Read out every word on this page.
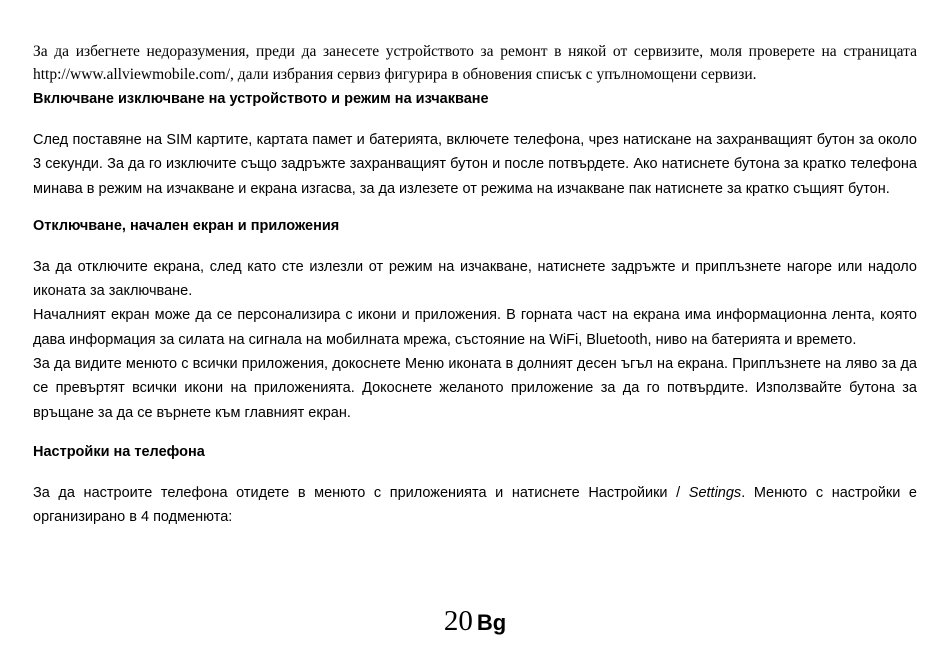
За да избегнете недоразумения, преди да занесете устройството за ремонт в някой от сервизите, моля проверете на страницата http://www.allviewmobile.com/, дали избрания сервиз фигурира в обновения списък с упълномощени сервизи.

Включване изключване на устройството и режим на изчакване

След поставяне на SIM картите, картата памет и батерията, включете телефона, чрез натискане на захранващият бутон за около 3 секунди. За да го изключите също задръжте захранващият бутон и после потвърдете. Ако натиснете бутона за кратко телефона минава в режим на изчакване и екрана изгасва, за да излезете от режима на изчакване пак натиснете за кратко същият бутон.

Отключване, начален екран и приложения

За да отключите екрана, след като сте излезли от режим на изчакване, натиснете задръжте и приплъзнете нагоре или надоло иконата за заключване.

Началният екран може да се персонализира с икони и приложения. В горната част на екрана има информационна лента, която дава информация за силата на сигнала на мобилната мрежа, състояние на WiFi, Bluetooth, ниво на батерията и времето.

За да видите менюто с всички приложения, докоснете Меню иконата в долният десен ъгъл на екрана. Приплъзнете на ляво за да се превъртят всички икони на приложенията. Докоснете желаното приложение за да го потвърдите. Използвайте бутона за връщане за да се върнете към главният екран.

Настройки на телефона

За да настроите телефона отидете в менюто с приложенията и натиснете Настройики / Settings. Менюто с настройки е организирано в 4 подменюта:

20 Bg
